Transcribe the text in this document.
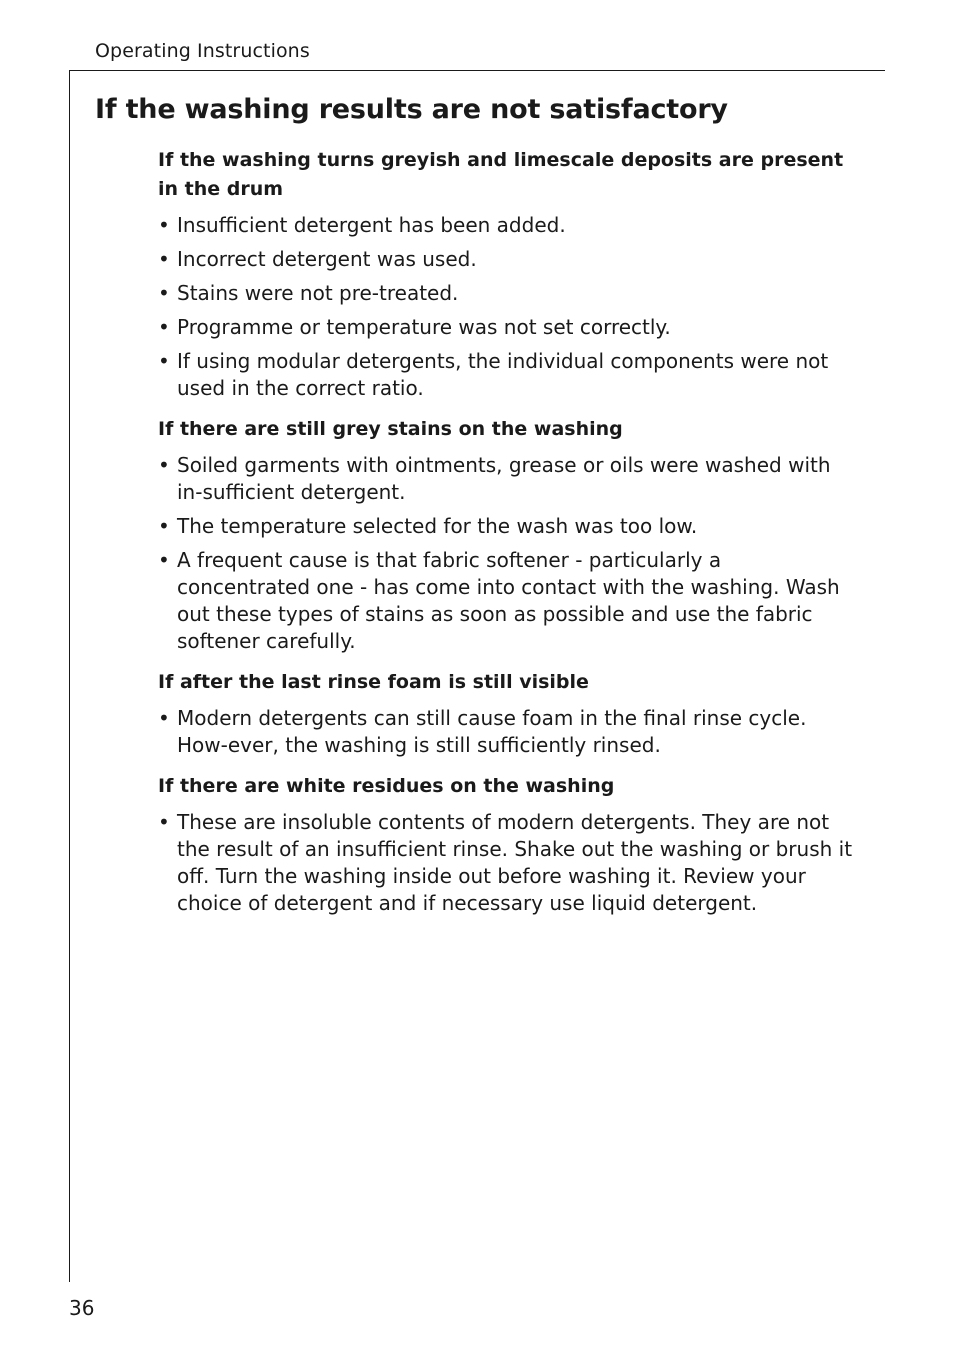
Operating Instructions
If the washing results are not satisfactory
If the washing turns greyish and limescale deposits are present in the drum
• Insufficient detergent has been added.
• Incorrect detergent was used.
• Stains were not pre-treated.
• Programme or temperature was not set correctly.
• If using modular detergents, the individual components were not used in the correct ratio.
If there are still grey stains on the washing
• Soiled garments with ointments, grease or oils were washed with in-sufficient detergent.
• The temperature selected for the wash was too low.
• A frequent cause is that fabric softener - particularly a concentrated one - has come into contact with the washing. Wash out these types of stains as soon as possible and use the fabric softener carefully.
If after the last rinse foam is still visible
• Modern detergents can still cause foam in the final rinse cycle. How-ever, the washing is still sufficiently rinsed.
If there are white residues on the washing
• These are insoluble contents of modern detergents. They are not the result of an insufficient rinse. Shake out the washing or brush it off. Turn the washing inside out before washing it. Review your choice of detergent and if necessary use liquid detergent.
36
